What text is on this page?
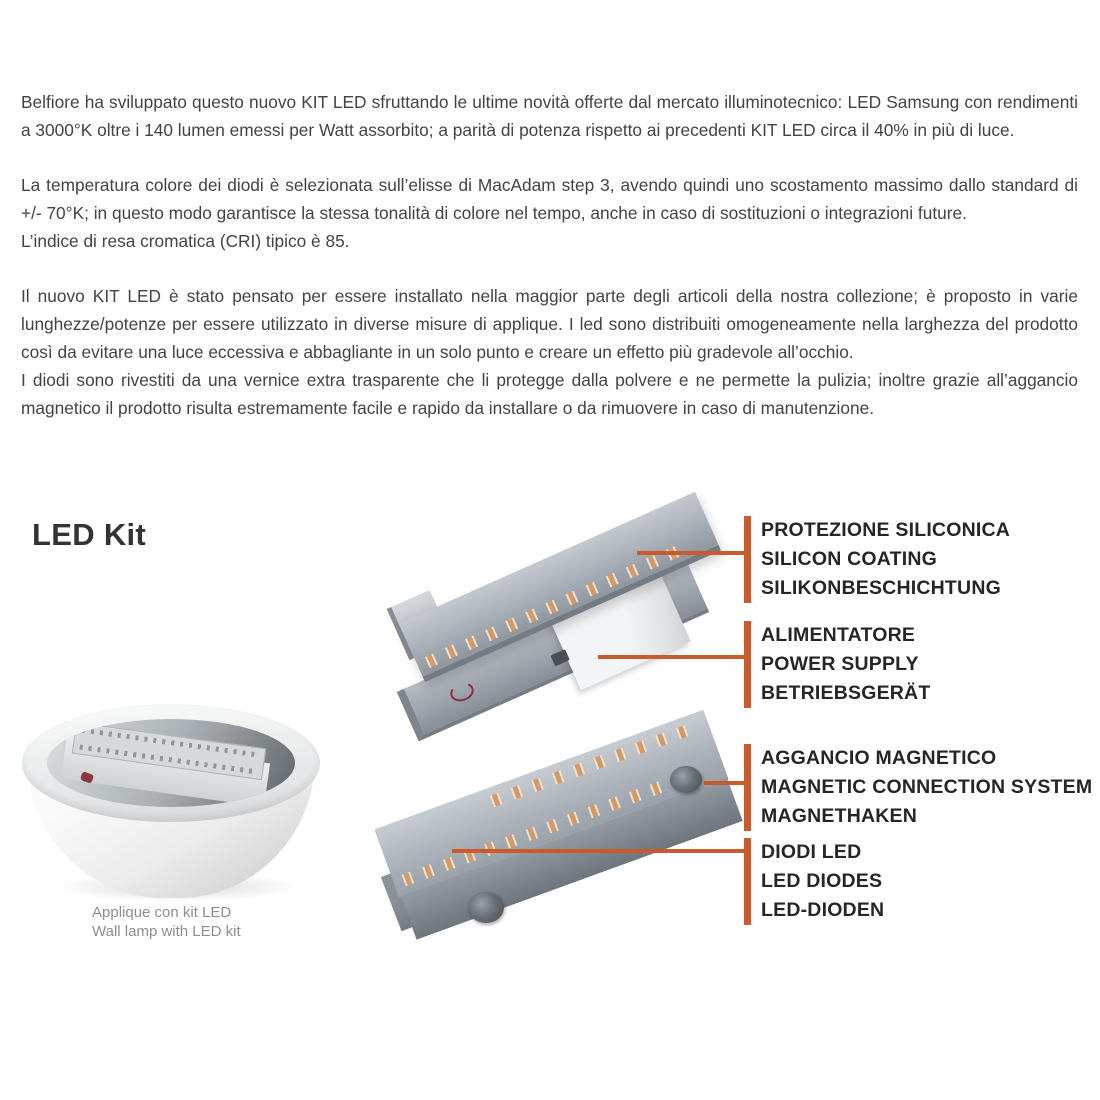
Belfiore ha sviluppato questo nuovo KIT LED sfruttando le ultime novità offerte dal mercato illuminotecnico: LED Samsung con rendimenti a 3000°K oltre i 140 lumen emessi per Watt assorbito; a parità di potenza rispetto ai precedenti KIT LED circa il 40% in più di luce.

La temperatura colore dei diodi è selezionata sull’elisse di MacAdam step 3, avendo quindi uno scostamento massimo dallo standard di +/- 70°K; in questo modo garantisce la stessa tonalità di colore nel tempo, anche in caso di sostituzioni o integrazioni future.
L’indice di resa cromatica (CRI) tipico è 85.

Il nuovo KIT LED è stato pensato per essere installato nella maggior parte degli articoli della nostra collezione; è proposto in varie lunghezze/potenze per essere utilizzato in diverse misure di applique. I led sono distribuiti omogeneamente nella larghezza del prodotto così da evitare una luce eccessiva e abbagliante in un solo punto e creare un effetto più gradevole all’occhio.
I diodi sono rivestiti da una vernice extra trasparente che li protegge dalla polvere e ne permette la pulizia; inoltre grazie all’aggancio magnetico il prodotto risulta estremamente facile e rapido da installare o da rimuovere in caso di manutenzione.

LED Kit	PROTEZIONE SILICONICA
SILICON COATING
SILIKONBESCHICHTUNG
ALIMENTATORE
POWER SUPPLY
BETRIEBSGERÄT
AGGANCIO MAGNETICO
MAGNETIC CONNECTION SYSTEM
MAGNETHAKEN
DIODI LED
LED DIODES
LED-DIODEN
Applique con kit LED
Wall lamp with LED kit
